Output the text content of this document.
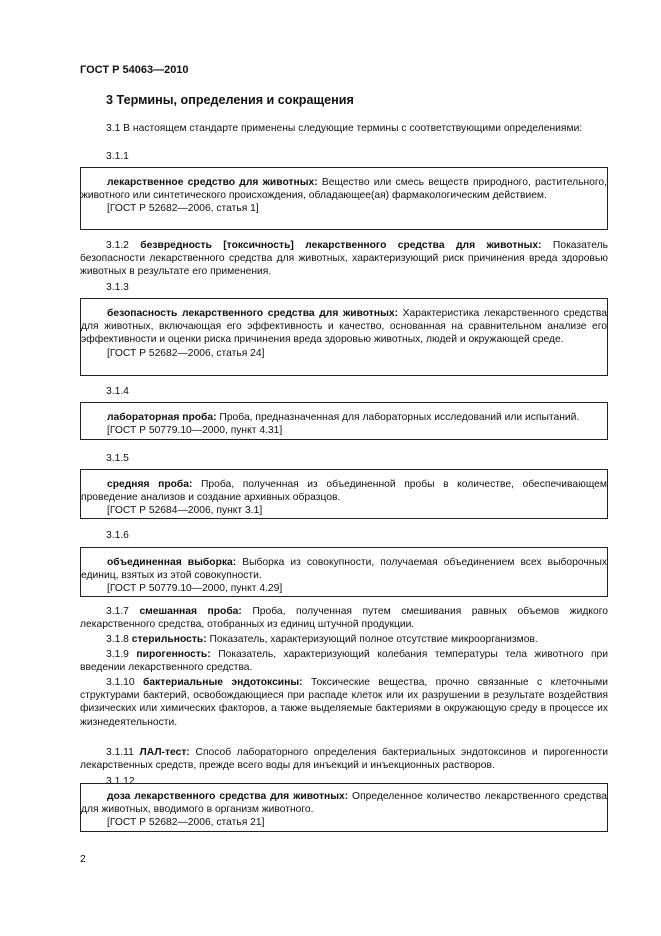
ГОСТ Р 54063—2010
3 Термины, определения и сокращения
3.1 В настоящем стандарте применены следующие термины с соответствующими определениями:
3.1.1
лекарственное средство для животных: Вещество или смесь веществ природного, растительного, животного или синтетического происхождения, обладающее(ая) фармакологическим действием.
[ГОСТ Р 52682—2006, статья 1]
3.1.2 безвредность [токсичность] лекарственного средства для животных: Показатель безопасности лекарственного средства для животных, характеризующий риск причинения вреда здоровью животных в результате его применения.
3.1.3
безопасность лекарственного средства для животных: Характеристика лекарственного средства для животных, включающая его эффективность и качество, основанная на сравнительном анализе его эффективности и оценки риска причинения вреда здоровью животных, людей и окружающей среде.
[ГОСТ Р 52682—2006, статья 24]
3.1.4
лабораторная проба: Проба, предназначенная для лабораторных исследований или испытаний.
[ГОСТ Р 50779.10—2000, пункт 4.31]
3.1.5
средняя проба: Проба, полученная из объединенной пробы в количестве, обеспечивающем проведение анализов и создание архивных образцов.
[ГОСТ Р 52684—2006, пункт 3.1]
3.1.6
объединенная выборка: Выборка из совокупности, получаемая объединением всех выборочных единиц, взятых из этой совокупности.
[ГОСТ Р 50779.10—2000, пункт 4.29]
3.1.7 смешанная проба: Проба, полученная путем смешивания равных объемов жидкого лекарственного средства, отобранных из единиц штучной продукции.
3.1.8 стерильность: Показатель, характеризующий полное отсутствие микроорганизмов.
3.1.9 пирогенность: Показатель, характеризующий колебания температуры тела животного при введении лекарственного средства.
3.1.10 бактериальные эндотоксины: Токсические вещества, прочно связанные с клеточными структурами бактерий, освобождающиеся при распаде клеток или их разрушении в результате воздействия физических или химических факторов, а также выделяемые бактериями в окружающую среду в процессе их жизнедеятельности.
3.1.11 ЛАЛ-тест: Способ лабораторного определения бактериальных эндотоксинов и пирогенности лекарственных средств, прежде всего воды для инъекций и инъекционных растворов.
3.1.12
доза лекарственного средства для животных: Определенное количество лекарственного средства для животных, вводимого в организм животного.
[ГОСТ Р 52682—2006, статья 21]
2
